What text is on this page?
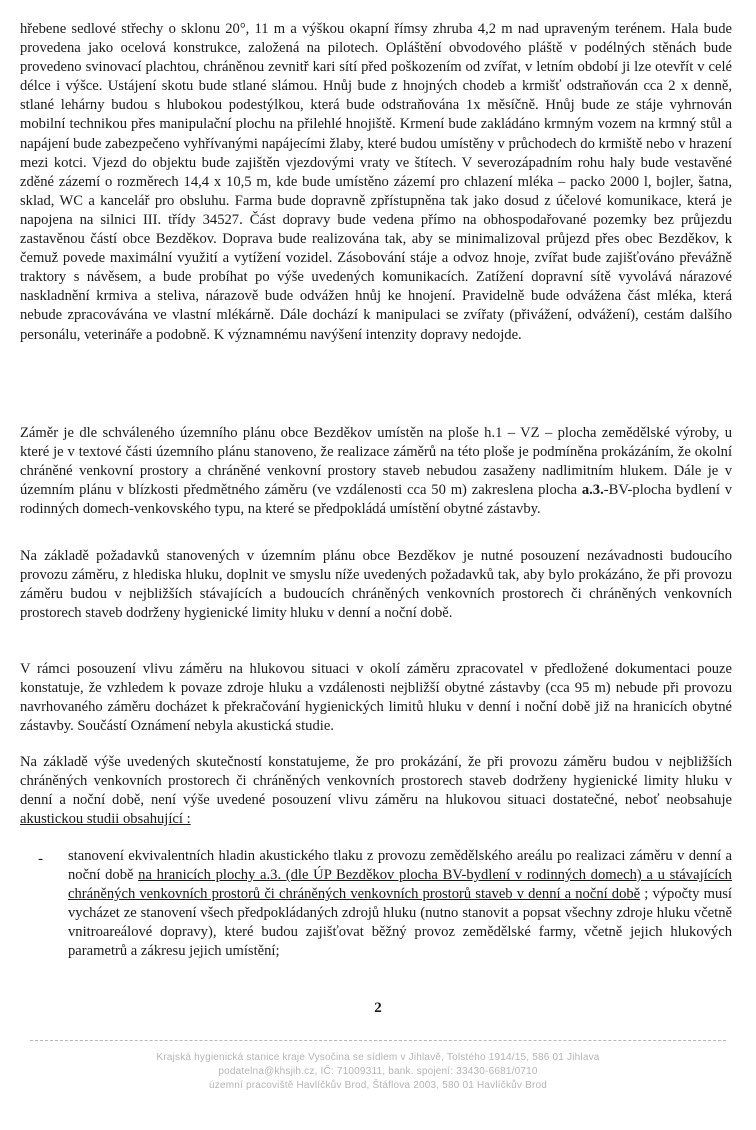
hřebene sedlové střechy o sklonu 20°, 11 m a výškou okapní římsy zhruba 4,2 m nad upraveným terénem. Hala bude provedena jako ocelová konstrukce, založená na pilotech. Opláštění obvodového pláště v podélných stěnách bude provedeno svinovací plachtou, chráněnou zevnitř kari sítí před poškozením od zvířat, v letním období ji lze otevřít v celé délce i výšce. Ustájení skotu bude stlané slámou. Hnůj bude z hnojných chodeb a krmišť odstraňován cca 2 x denně, stlané lehárny budou s hlubokou podestýlkou, která bude odstraňována 1x měsíčně. Hnůj bude ze stáje vyhrnován mobilní technikou přes manipulační plochu na přilehlé hnojiště. Krmení bude zakládáno krmným vozem na krmný stůl a napájení bude zabezpečeno vyhřívanými napájecími žlaby, které budou umístěny v průchodech do krmiště nebo v hrazení mezi kotci. Vjezd do objektu bude zajištěn vjezdovými vraty ve štítech. V severozápadním rohu haly bude vestavěné zděné zázemí o rozměrech 14,4 x 10,5 m, kde bude umístěno zázemí pro chlazení mléka – packo 2000 l, bojler, šatna, sklad, WC a kancelář pro obsluhu. Farma bude dopravně zpřístupněna tak jako dosud z účelové komunikace, která je napojena na silnici III. třídy 34527. Část dopravy bude vedena přímo na obhospodařované pozemky bez průjezdu zastavěnou částí obce Bezděkov. Doprava bude realizována tak, aby se minimalizoval průjezd přes obec Bezděkov, k čemuž povede maximální využití a vytížení vozidel. Zásobování stáje a odvoz hnoje, zvířat bude zajišťováno převážně traktory s návěsem, a bude probíhat po výše uvedených komunikacích. Zatížení dopravní sítě vyvolává nárazové naskladnění krmiva a steliva, nárazově bude odvážen hnůj ke hnojení. Pravidelně bude odvážena část mléka, která nebude zpracovávána ve vlastní mlékárně. Dále dochází k manipulaci se zvířaty (přivážení, odvážení), cestám dalšího personálu, veterináře a podobně. K významnému navýšení intenzity dopravy nedojde.

Záměr je dle schváleného územního plánu obce Bezděkov umístěn na ploše h.1 – VZ – plocha zemědělské výroby, u které je v textové části územního plánu stanoveno, že realizace záměrů na této ploše je podmíněna prokázáním, že okolní chráněné venkovní prostory a chráněné venkovní prostory staveb nebudou zasaženy nadlimitním hlukem. Dále je v územním plánu v blízkosti předmětného záměru (ve vzdálenosti cca 50 m) zakreslena plocha a.3.-BV-plocha bydlení v rodinných domech-venkovského typu, na které se předpokládá umístění obytné zástavby.

Na základě požadavků stanovených v územním plánu obce Bezděkov je nutné posouzení nezávadnosti budoucího provozu záměru, z hlediska hluku, doplnit ve smyslu níže uvedených požadavků tak, aby bylo prokázáno, že při provozu záměru budou v nejbližších stávajících a budoucích chráněných venkovních prostorech či chráněných venkovních prostorech staveb dodrženy hygienické limity hluku v denní a noční době.

V rámci posouzení vlivu záměru na hlukovou situaci v okolí záměru zpracovatel v předložené dokumentaci pouze konstatuje, že vzhledem k povaze zdroje hluku a vzdálenosti nejbližší obytné zástavby (cca 95 m) nebude při provozu navrhovaného záměru docházet k překračování hygienických limitů hluku v denní i noční době již na hranicích obytné zástavby. Součástí Oznámení nebyla akustická studie.

Na základě výše uvedených skutečností konstatujeme, že pro prokázání, že při provozu záměru budou v nejbližších chráněných venkovních prostorech či chráněných venkovních prostorech staveb dodrženy hygienické limity hluku v denní a noční době, není výše uvedené posouzení vlivu záměru na hlukovou situaci dostatečné, neboť neobsahuje akustickou studii obsahující :

- stanovení ekvivalentních hladin akustického tlaku z provozu zemědělského areálu po realizaci záměru v denní a noční době na hranicích plochy a.3. (dle ÚP Bezděkov plocha BV-bydlení v rodinných domech) a u stávajících chráněných venkovních prostorů či chráněných venkovních prostorů staveb v denní a noční době ; výpočty musí vycházet ze stanovení všech předpokládaných zdrojů hluku (nutno stanovit a popsat všechny zdroje hluku včetně vnitroareálové dopravy), které budou zajišťovat běžný provoz zemědělské farmy, včetně jejich hlukových parametrů a zákresu jejich umístění;

2
Krajská hygienická stanice kraje Vysočina se sídlem v Jihlavě, Tolstého 1914/15, 586 01 Jihlava
podatelna@khsjih.cz, IČ: 71009311, bank. spojení: 33430-6681/0710
územní pracoviště Havlíčkův Brod, Štáflova 2003, 580 01 Havlíčkův Brod
